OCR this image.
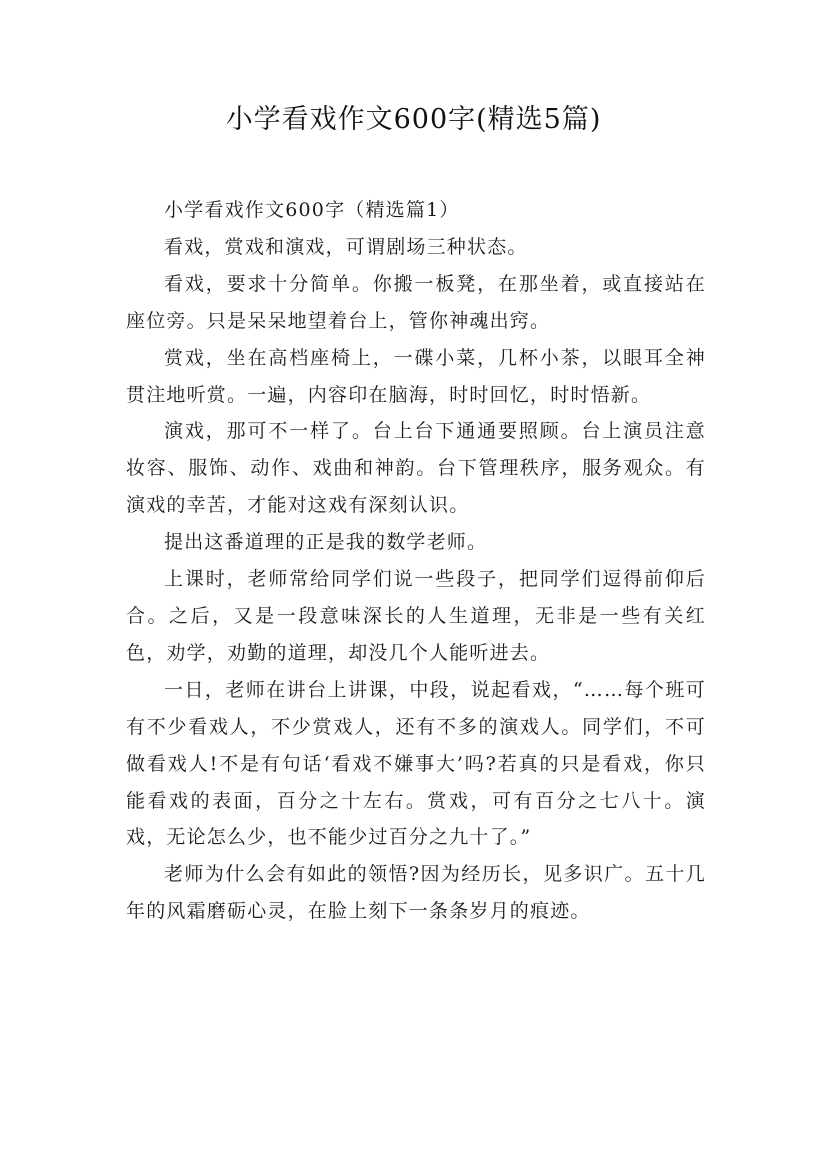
小学看戏作文600字(精选5篇)

小学看戏作文600字（精选篇1）

看戏，赏戏和演戏，可谓剧场三种状态。

看戏，要求十分简单。你搬一板凳，在那坐着，或直接站在座位旁。只是呆呆地望着台上，管你神魂出窍。

赏戏，坐在高档座椅上，一碟小菜，几杯小茶，以眼耳全神贯注地听赏。一遍，内容印在脑海，时时回忆，时时悟新。

演戏，那可不一样了。台上台下通通要照顾。台上演员注意妆容、服饰、动作、戏曲和神韵。台下管理秩序，服务观众。有演戏的幸苦，才能对这戏有深刻认识。

提出这番道理的正是我的数学老师。

上课时，老师常给同学们说一些段子，把同学们逗得前仰后合。之后，又是一段意味深长的人生道理，无非是一些有关红色，劝学，劝勤的道理，却没几个人能听进去。

一日，老师在讲台上讲课，中段，说起看戏，“……每个班可有不少看戏人，不少赏戏人，还有不多的演戏人。同学们，不可做看戏人!不是有句话‘看戏不嫌事大’吗?若真的只是看戏，你只能看戏的表面，百分之十左右。赏戏，可有百分之七八十。演戏，无论怎么少，也不能少过百分之九十了。”

老师为什么会有如此的领悟?因为经历长，见多识广。五十几年的风霜磨砺心灵，在脸上刻下一条条岁月的痕迹。
